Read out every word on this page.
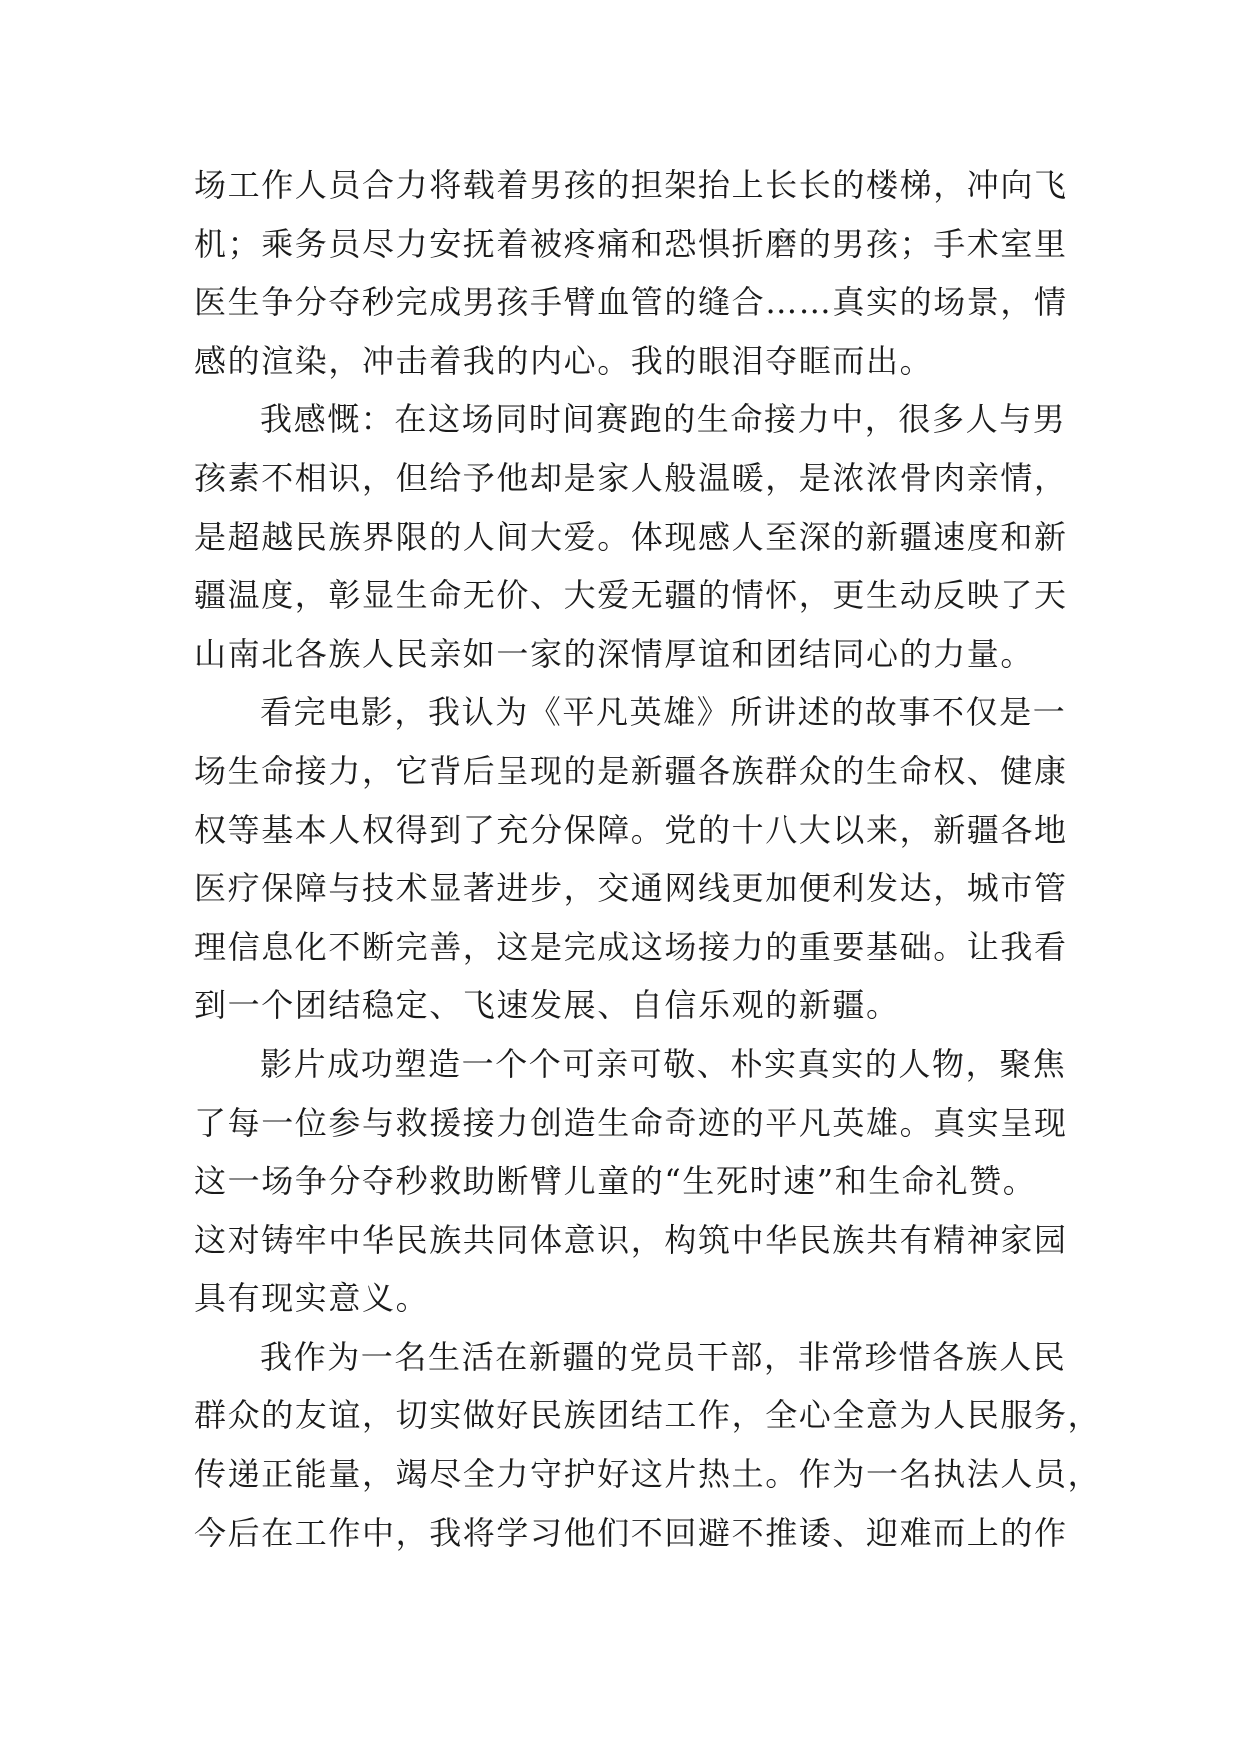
场工作人员合力将载着男孩的担架抬上长长的楼梯，冲向飞
机；乘务员尽力安抚着被疼痛和恐惧折磨的男孩；手术室里
医生争分夺秒完成男孩手臂血管的缝合……真实的场景，情
感的渲染，冲击着我的内心。我的眼泪夺眶而出。
我感慨：在这场同时间赛跑的生命接力中，很多人与男
孩素不相识，但给予他却是家人般温暖，是浓浓骨肉亲情，
是超越民族界限的人间大爱。体现感人至深的新疆速度和新
疆温度，彰显生命无价、大爱无疆的情怀，更生动反映了天
山南北各族人民亲如一家的深情厚谊和团结同心的力量。
看完电影，我认为《平凡英雄》所讲述的故事不仅是一
场生命接力，它背后呈现的是新疆各族群众的生命权、健康
权等基本人权得到了充分保障。党的十八大以来，新疆各地
医疗保障与技术显著进步，交通网线更加便利发达，城市管
理信息化不断完善，这是完成这场接力的重要基础。让我看
到一个团结稳定、飞速发展、自信乐观的新疆。
影片成功塑造一个个可亲可敬、朴实真实的人物，聚焦
了每一位参与救援接力创造生命奇迹的平凡英雄。真实呈现
这一场争分夺秒救助断臂儿童的“生死时速”和生命礼赞。
这对铸牢中华民族共同体意识，构筑中华民族共有精神家园
具有现实意义。
我作为一名生活在新疆的党员干部，非常珍惜各族人民
群众的友谊，切实做好民族团结工作，全心全意为人民服务，
传递正能量，竭尽全力守护好这片热土。作为一名执法人员，
今后在工作中，我将学习他们不回避不推诿、迎难而上的作
